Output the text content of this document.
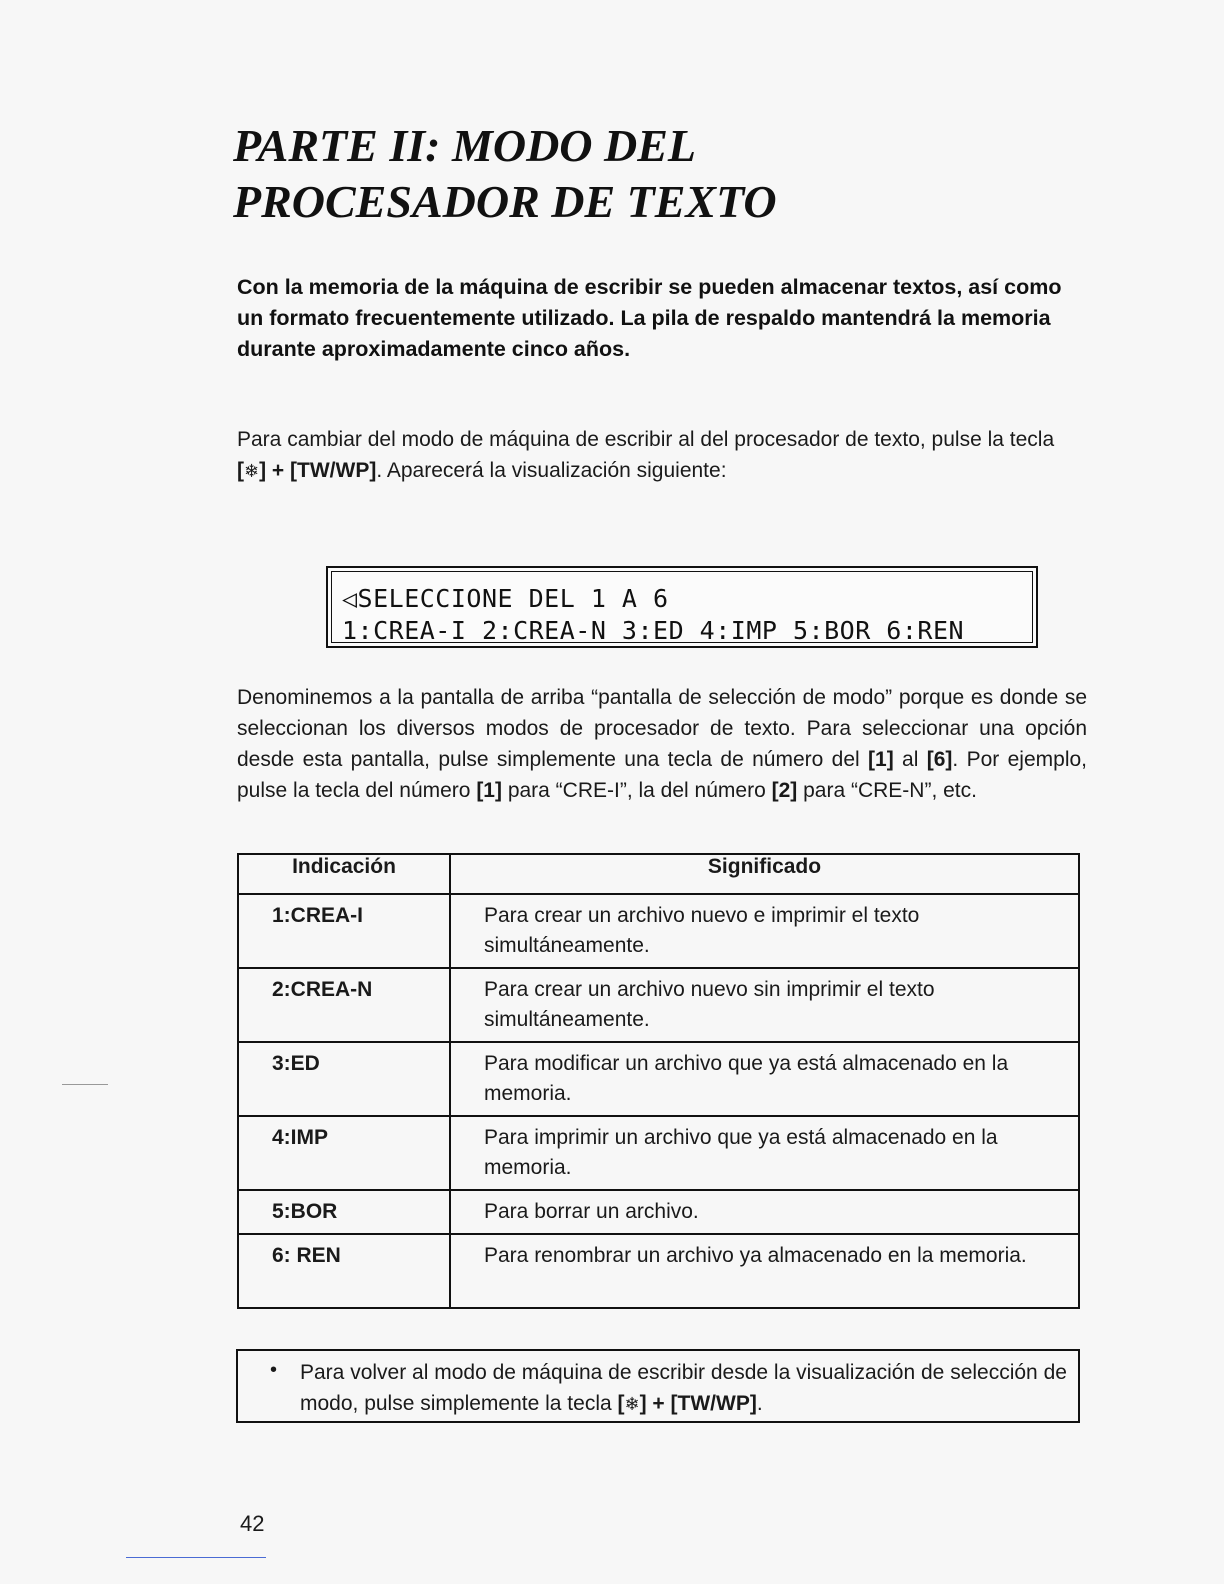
PARTE II: MODO DEL
PROCESADOR DE TEXTO

Con la memoria de la máquina de escribir se pueden almacenar textos, así como un formato frecuentemente utilizado. La pila de respaldo mantendrá la memoria durante aproximadamente cinco años.

Para cambiar del modo de máquina de escribir al del procesador de texto, pulse la tecla [❄] + [TW/WP]. Aparecerá la visualización siguiente:

◁SELECCIONE DEL 1 A 6
1:CREA-I 2:CREA-N 3:ED 4:IMP 5:BOR 6:REN

Denominemos a la pantalla de arriba “pantalla de selección de modo” porque es donde se seleccionan los diversos modos de procesador de texto. Para seleccionar una opción desde esta pantalla, pulse simplemente una tecla de número del [1] al [6]. Por ejemplo, pulse la tecla del número [1] para “CRE-I”, la del número [2] para “CRE-N”, etc.

Indicación	Significado
1:CREA-I	Para crear un archivo nuevo e imprimir el texto simultáneamente.
2:CREA-N	Para crear un archivo nuevo sin imprimir el texto simultáneamente.
3:ED	Para modificar un archivo que ya está almacenado en la memoria.
4:IMP	Para imprimir un archivo que ya está almacenado en la memoria.
5:BOR	Para borrar un archivo.
6: REN	Para renombrar un archivo ya almacenado en la memoria.
• Para volver al modo de máquina de escribir desde la visualización de selección de modo, pulse simplemente la tecla [❄] + [TW/WP].

42
